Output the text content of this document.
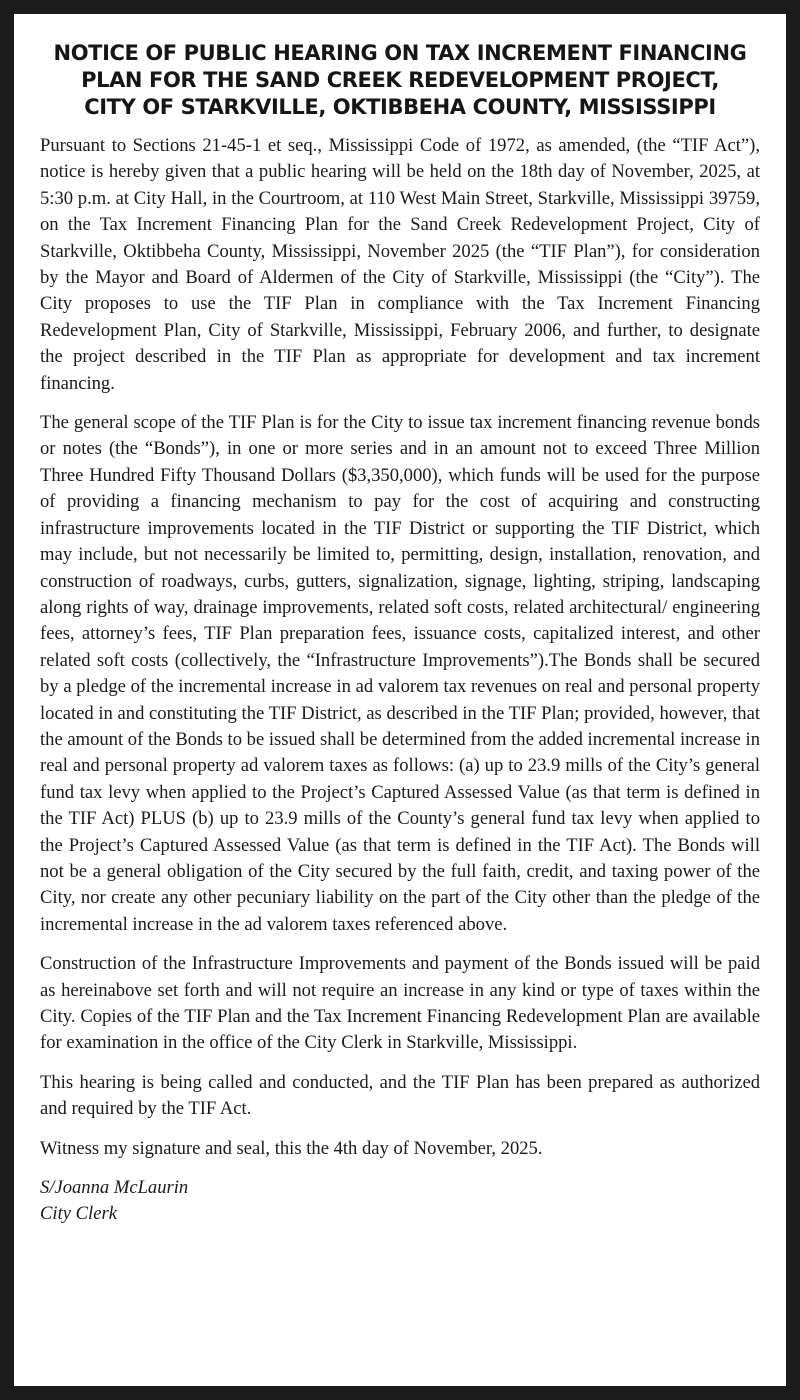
NOTICE OF PUBLIC HEARING ON TAX INCREMENT FINANCING
PLAN FOR THE SAND CREEK REDEVELOPMENT PROJECT,
CITY OF STARKVILLE, OKTIBBEHA COUNTY, MISSISSIPPI

Pursuant to Sections 21-45-1 et seq., Mississippi Code of 1972, as amended, (the “TIF Act”), notice is hereby given that a public hearing will be held on the 18th day of November, 2025, at 5:30 p.m. at City Hall, in the Courtroom, at 110 West Main Street, Starkville, Mississippi 39759, on the Tax Increment Financing Plan for the Sand Creek Redevelopment Project, City of Starkville, Oktibbeha County, Mississippi, November 2025 (the “TIF Plan”), for consideration by the Mayor and Board of Aldermen of the City of Starkville, Mississippi (the “City”). The City proposes to use the TIF Plan in compliance with the Tax Increment Financing Redevelopment Plan, City of Starkville, Mississippi, February 2006, and further, to designate the project described in the TIF Plan as appropriate for development and tax increment financing.

The general scope of the TIF Plan is for the City to issue tax increment financing revenue bonds or notes (the “Bonds”), in one or more series and in an amount not to exceed Three Million Three Hundred Fifty Thousand Dollars ($3,350,000), which funds will be used for the purpose of providing a financing mechanism to pay for the cost of acquiring and constructing infrastructure improvements located in the TIF District or supporting the TIF District, which may include, but not necessarily be limited to, permitting, design, installation, renovation, and construction of roadways, curbs, gutters, signalization, signage, lighting, striping, landscaping along rights of way, drainage improvements, related soft costs, related architectural/ engineering fees, attorney’s fees, TIF Plan preparation fees, issuance costs, capitalized interest, and other related soft costs (collectively, the “Infrastructure Improvements”).The Bonds shall be secured by a pledge of the incremental increase in ad valorem tax revenues on real and personal property located in and constituting the TIF District, as described in the TIF Plan; provided, however, that the amount of the Bonds to be issued shall be determined from the added incremental increase in real and personal property ad valorem taxes as follows: (a) up to 23.9 mills of the City’s general fund tax levy when applied to the Project’s Captured Assessed Value (as that term is defined in the TIF Act) PLUS (b) up to 23.9 mills of the County’s general fund tax levy when applied to the Project’s Captured Assessed Value (as that term is defined in the TIF Act). The Bonds will not be a general obligation of the City secured by the full faith, credit, and taxing power of the City, nor create any other pecuniary liability on the part of the City other than the pledge of the incremental increase in the ad valorem taxes referenced above.

Construction of the Infrastructure Improvements and payment of the Bonds issued will be paid as hereinabove set forth and will not require an increase in any kind or type of taxes within the City. Copies of the TIF Plan and the Tax Increment Financing Redevelopment Plan are available for examination in the office of the City Clerk in Starkville, Mississippi.

This hearing is being called and conducted, and the TIF Plan has been prepared as authorized and required by the TIF Act.

Witness my signature and seal, this the 4th day of November, 2025.

S/Joanna McLaurin
City Clerk
